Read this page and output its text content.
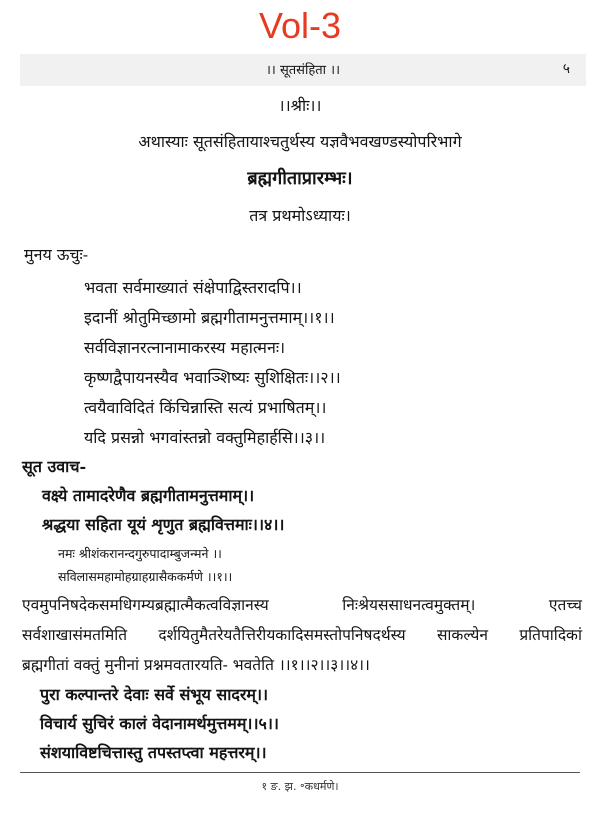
Vol-3
।। सूतसंहिता ।।	५
।।श्रीः।।
अथास्याः सूतसंहितायाश्चतुर्थस्य यज्ञवैभवखण्डस्योपरिभागे
ब्रह्मगीताप्रारम्भः।
तत्र प्रथमोऽध्यायः।
मुनय ऊचुः-
भवता सर्वमाख्यातं संक्षेपाद्विस्तरादपि।।
इदानीं श्रोतुमिच्छामो ब्रह्मगीतामनुत्तमाम्।।१।।
सर्वविज्ञानरत्नानामाकरस्य महात्मनः।
कृष्णद्वैपायनस्यैव भवाञ्शिष्यः सुशिक्षितः।।२।।
त्वयैवाविदितं किंचिन्नास्ति सत्यं प्रभाषितम्।।
यदि प्रसन्नो भगवांस्तन्नो वक्तुमिहार्हसि।।३।।
सूत उवाच-
वक्ष्ये तामादरेणैव ब्रह्मगीतामनुत्तमाम्।।
श्रद्धया सहिता यूयं शृणुत ब्रह्मवित्तमाः।।४।।
नमः श्रीशंकरानन्दगुरुपादाम्बुजन्मने ।।
सविलासमहामोहग्राहग्रासैककर्मणे ।।१।।
एवमुपनिषदेकसमधिगम्यब्रह्मात्मैकत्वविज्ञानस्य	निःश्रेयससाधनत्वमुक्तम्।	एतच्च
सर्वशाखासंमतमिति दर्शयितुमैतरेयतैत्तिरीयकादिसमस्तोपनिषदर्थस्य साकल्येन प्रतिपादिकां
ब्रह्मगीतां वक्तुं मुनीनां प्रश्नमवतारयति- भवतेति ।।१।।२।।३।।४।।
पुरा कल्पान्तरे देवाः सर्वे संभूय सादरम्।।
विचार्य सुचिरं कालं वेदानामर्थमुत्तमम्।।५।।
संशयाविष्टचित्तास्तु तपस्तप्त्वा महत्तरम्।।
१ ङ. झ. ॰कधर्मणे।
